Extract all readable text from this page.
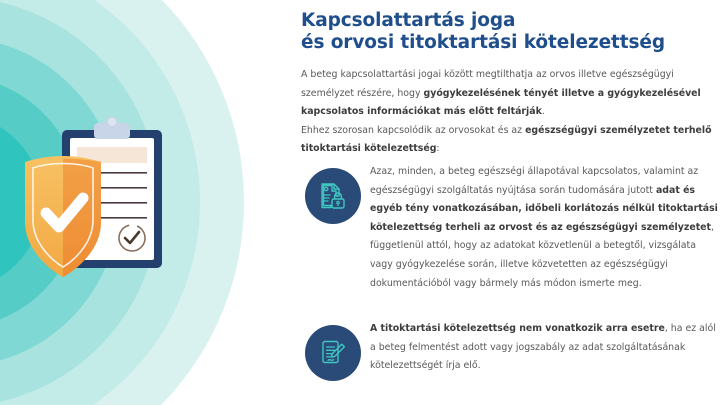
Kapcsolattartás joga
és orvosi titoktartási kötelezettség
A beteg kapcsolattartási jogai között megtilthatja az orvos illetve egészségügyi személyzet részére, hogy gyógykezelésének tényét illetve a gyógykezelésével kapcsolatos információkat más előtt feltárják.
Ehhez szorosan kapcsolódik az orvosokat és az egészségügyi személyzetet terhelő titoktartási kötelezettség:
Azaz, minden, a beteg egészségi állapotával kapcsolatos, valamint az egészségügyi szolgáltatás nyújtása során tudomására jutott adat és egyéb tény vonatkozásában, időbeli korlátozás nélkül titoktartási kötelezettség terheli az orvost és az egészségügyi személyzetet, függetlenül attól, hogy az adatokat közvetlenül a betegtől, vizsgálata vagy gyógykezelése során, illetve közvetetten az egészségügyi dokumentációból vagy bármely más módon ismerte meg.
A titoktartási kötelezettség nem vonatkozik arra esetre, ha ez alól a beteg felmentést adott vagy jogszabály az adat szolgáltatásának kötelezettségét írja elő.
